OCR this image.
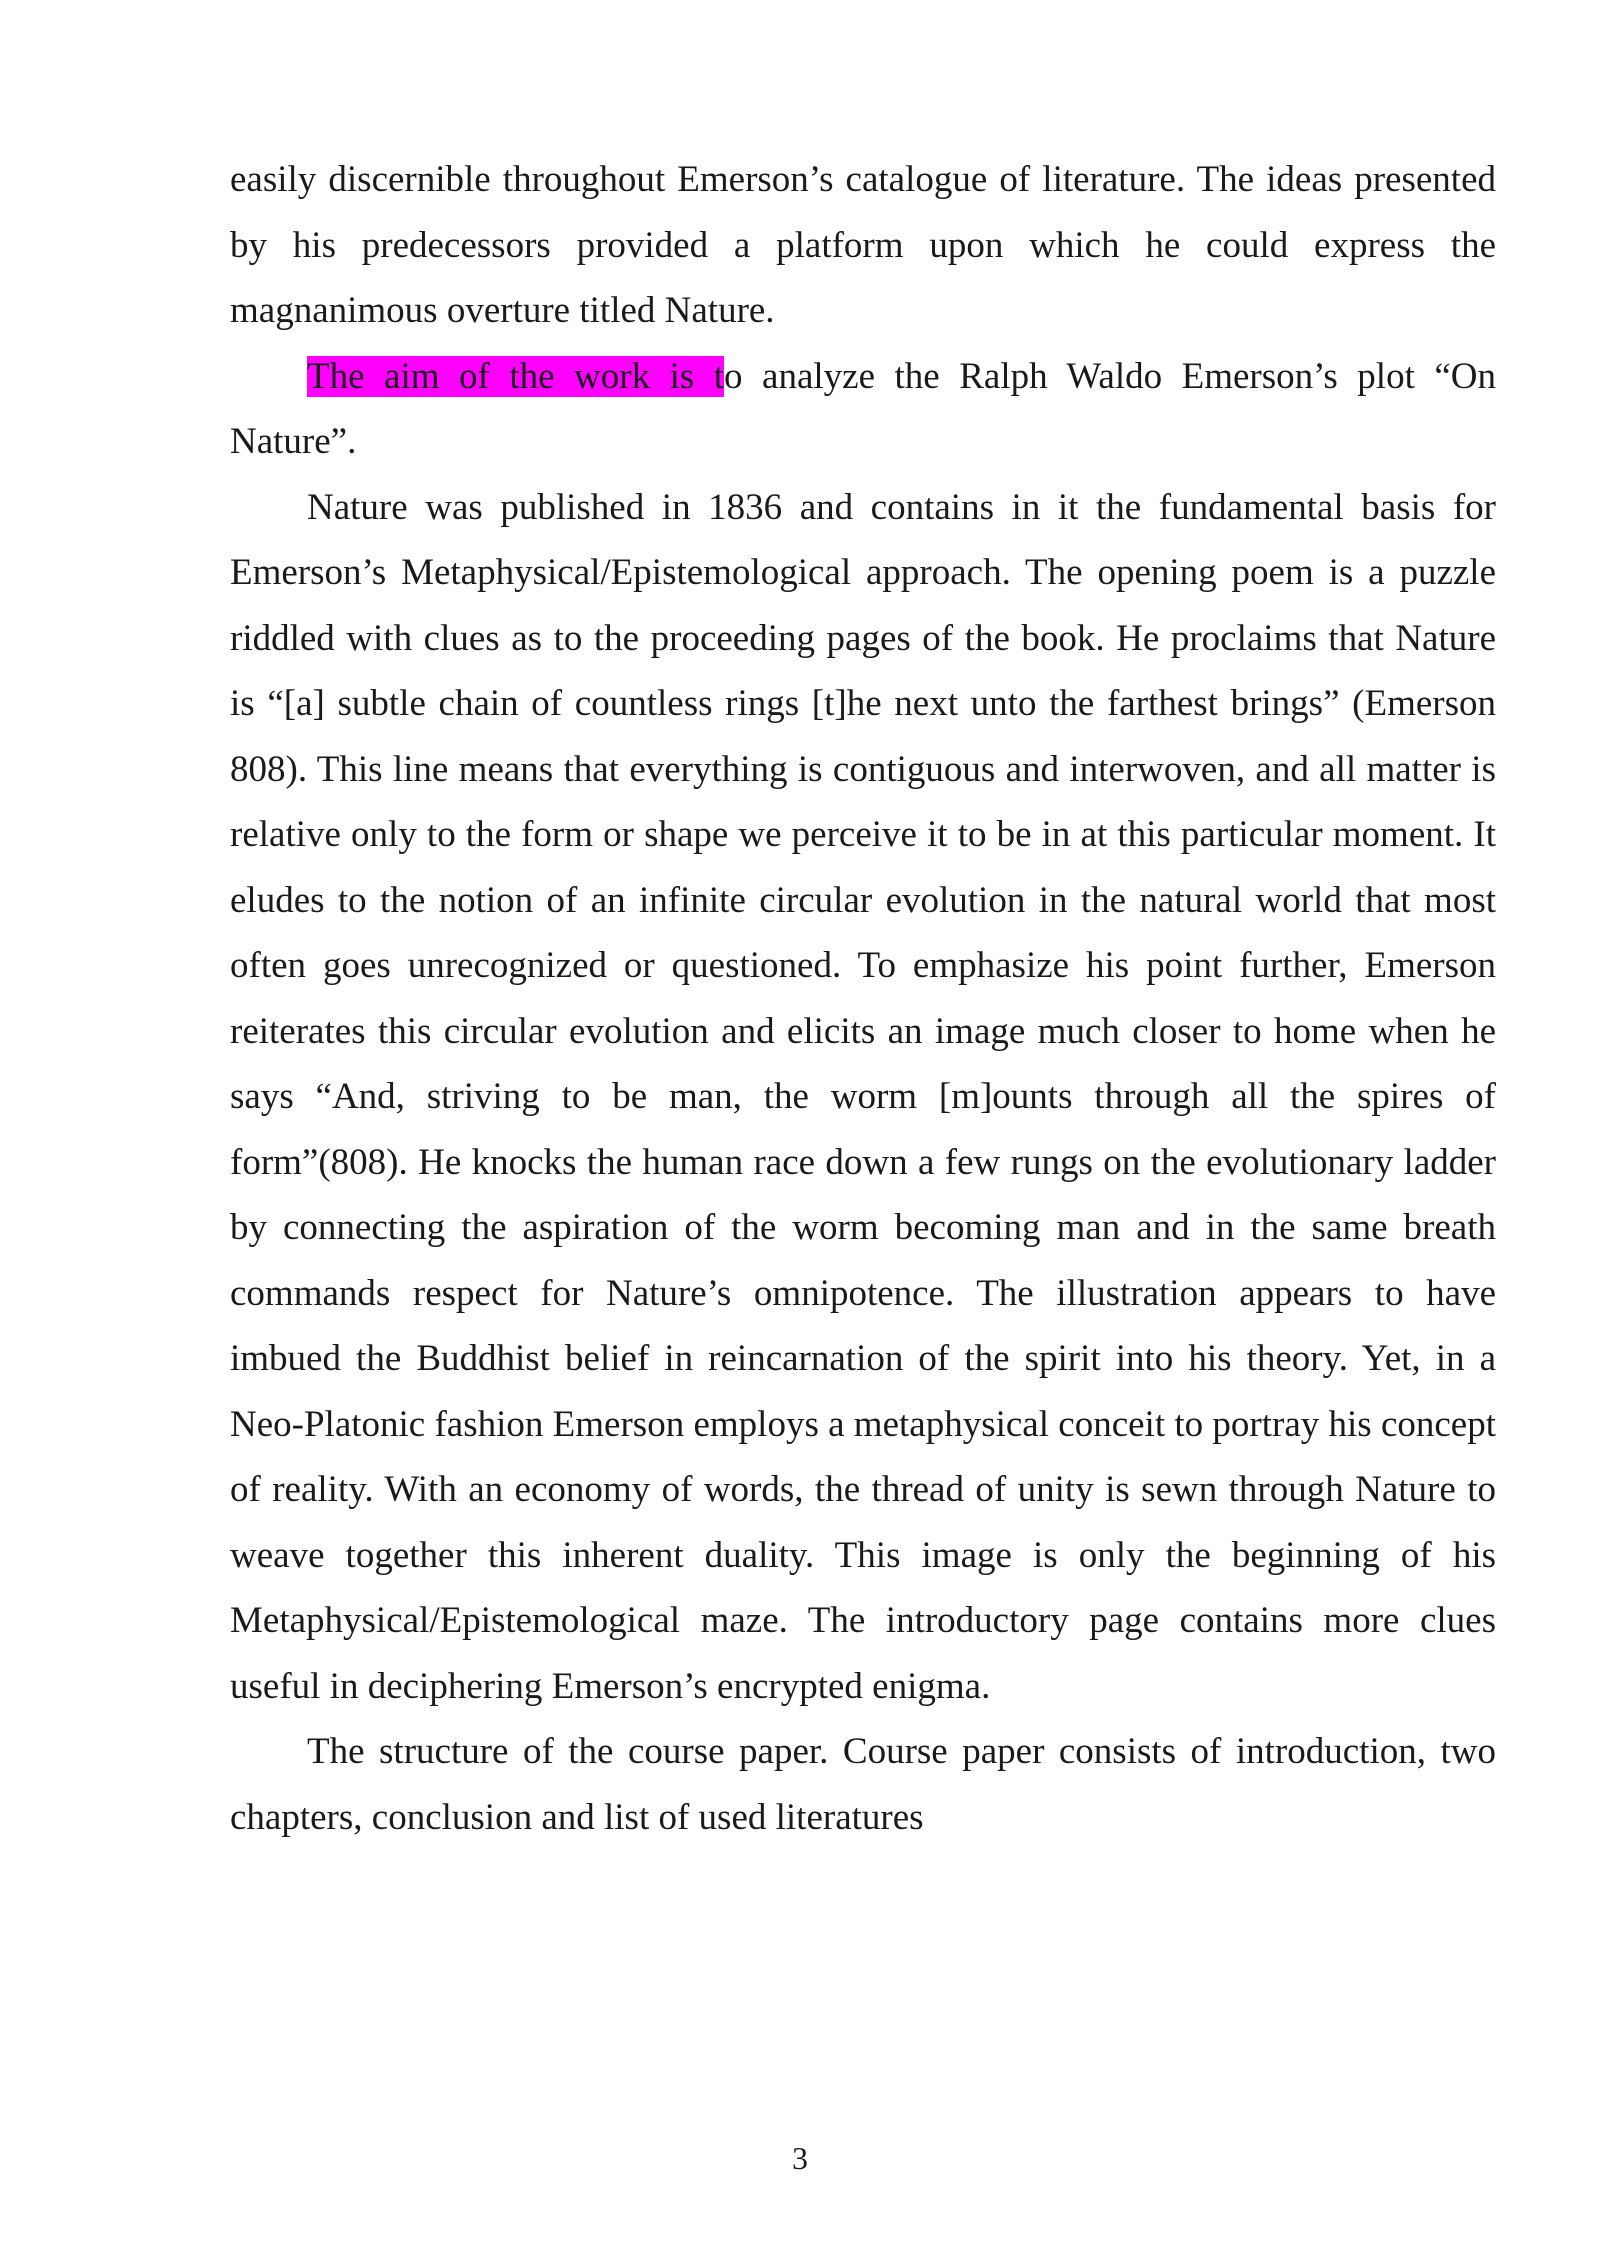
easily discernible throughout Emerson’s catalogue of literature. The ideas presented by his predecessors provided a platform upon which he could express the magnanimous overture titled Nature.

The aim of the work is to analyze the Ralph Waldo Emerson’s plot “On Nature”.

Nature was published in 1836 and contains in it the fundamental basis for Emerson’s Metaphysical/Epistemological approach. The opening poem is a puzzle riddled with clues as to the proceeding pages of the book. He proclaims that Nature is “[a] subtle chain of countless rings [t]he next unto the farthest brings” (Emerson 808). This line means that everything is contiguous and interwoven, and all matter is relative only to the form or shape we perceive it to be in at this particular moment. It eludes to the notion of an infinite circular evolution in the natural world that most often goes unrecognized or questioned. To emphasize his point further, Emerson reiterates this circular evolution and elicits an image much closer to home when he says “And, striving to be man, the worm [m]ounts through all the spires of form”(808). He knocks the human race down a few rungs on the evolutionary ladder by connecting the aspiration of the worm becoming man and in the same breath commands respect for Nature’s omnipotence. The illustration appears to have imbued the Buddhist belief in reincarnation of the spirit into his theory. Yet, in a Neo-Platonic fashion Emerson employs a metaphysical conceit to portray his concept of reality. With an economy of words, the thread of unity is sewn through Nature to weave together this inherent duality. This image is only the beginning of his Metaphysical/Epistemological maze. The introductory page contains more clues useful in deciphering Emerson’s encrypted enigma.

The structure of the course paper. Course paper consists of introduction, two chapters, conclusion and list of used literatures

3
